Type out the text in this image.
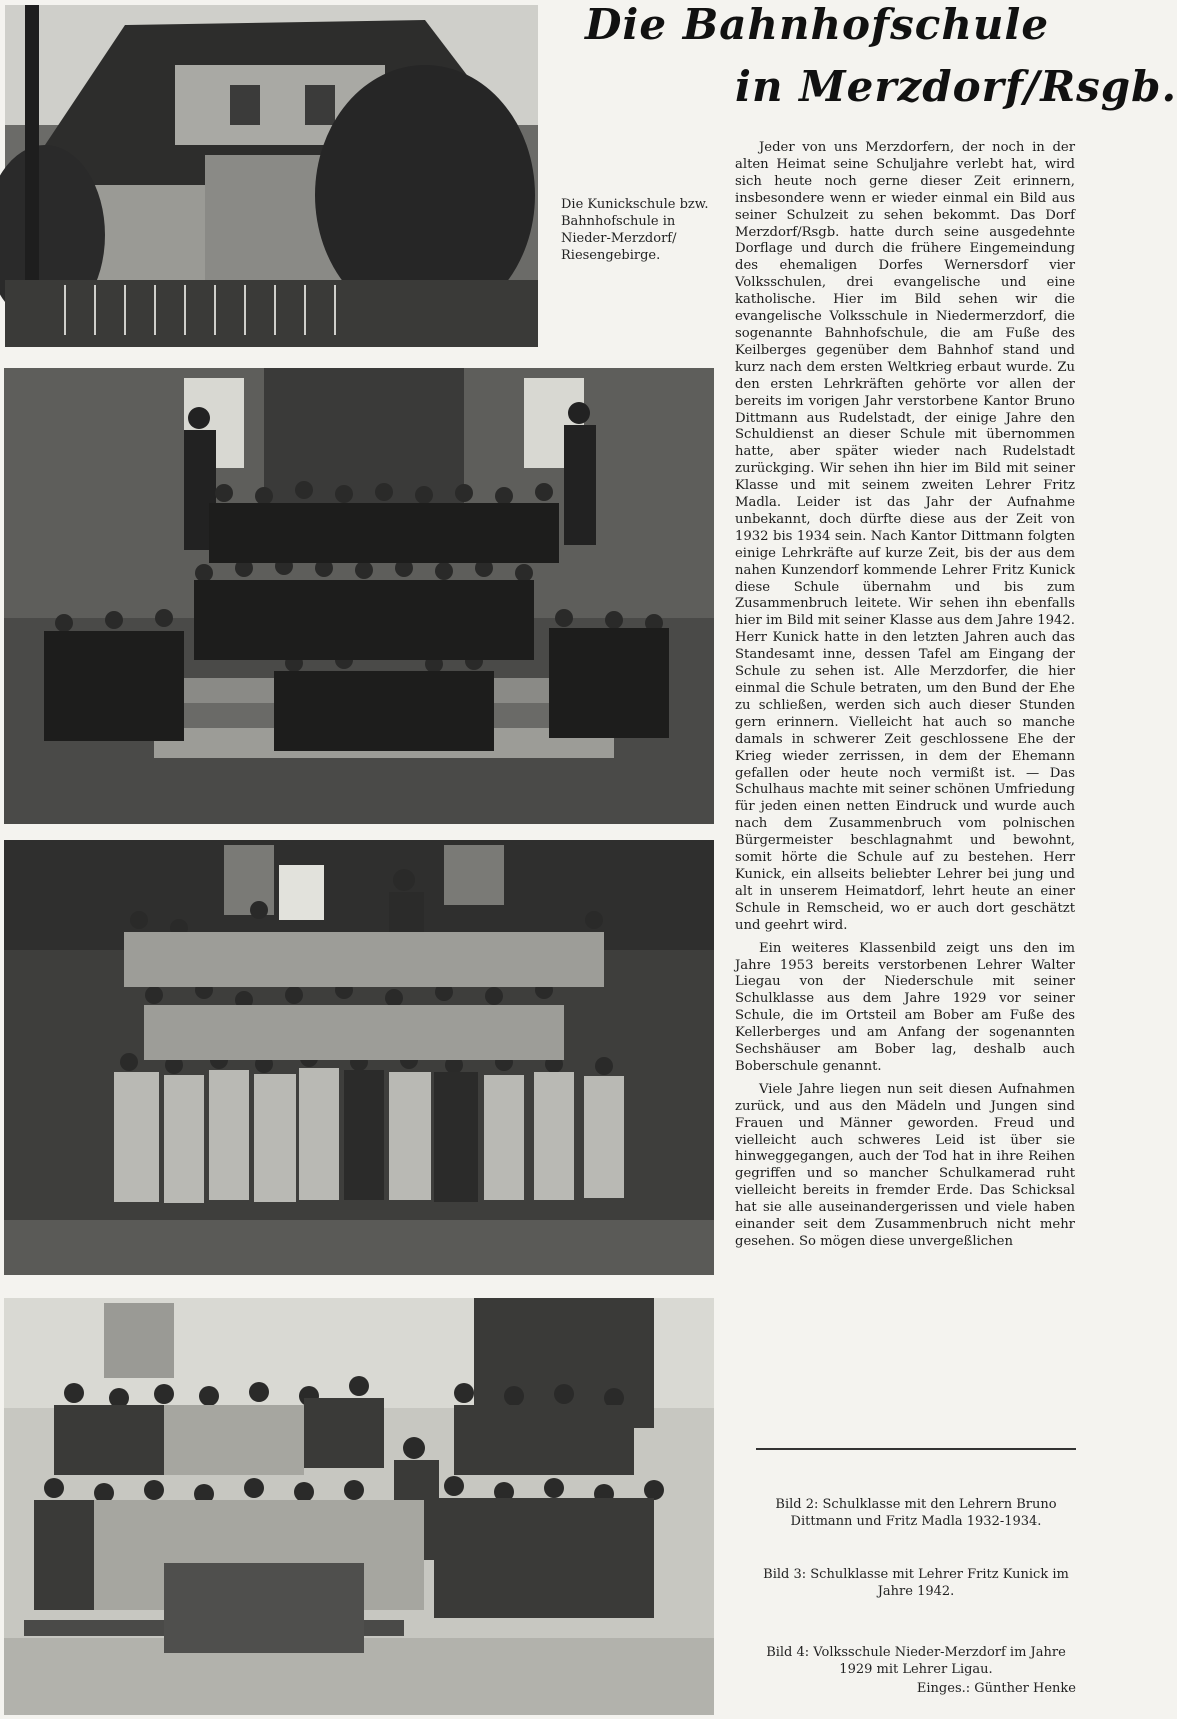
Die Bahnhofschule
in Merzdorf/Rsgb.
Die Kunickschule bzw. Bahnhofschule in Nieder-Merzdorf/ Riesengebirge.

Jeder von uns Merzdorfern, der noch in der alten Heimat seine Schuljahre verlebt hat, wird sich heute noch gerne dieser Zeit erinnern, insbesondere wenn er wieder einmal ein Bild aus seiner Schulzeit zu sehen bekommt. Das Dorf Merzdorf/Rsgb. hatte durch seine ausgedehnte Dorflage und durch die frühere Eingemeindung des ehemaligen Dorfes Wernersdorf vier Volksschulen, drei evangelische und eine katholische. Hier im Bild sehen wir die evangelische Volksschule in Niedermerzdorf, die sogenannte Bahnhofschule, die am Fuße des Keilberges gegenüber dem Bahnhof stand und kurz nach dem ersten Weltkrieg erbaut wurde. Zu den ersten Lehrkräften gehörte vor allen der bereits im vorigen Jahr verstorbene Kantor Bruno Dittmann aus Rudelstadt, der einige Jahre den Schuldienst an dieser Schule mit übernommen hatte, aber später wieder nach Rudelstadt zurückging. Wir sehen ihn hier im Bild mit seiner Klasse und mit seinem zweiten Lehrer Fritz Madla. Leider ist das Jahr der Aufnahme unbekannt, doch dürfte diese aus der Zeit von 1932 bis 1934 sein. Nach Kantor Dittmann folgten einige Lehrkräfte auf kurze Zeit, bis der aus dem nahen Kunzendorf kommende Lehrer Fritz Kunick diese Schule übernahm und bis zum Zusammenbruch leitete. Wir sehen ihn ebenfalls hier im Bild mit seiner Klasse aus dem Jahre 1942. Herr Kunick hatte in den letzten Jahren auch das Standesamt inne, dessen Tafel am Eingang der Schule zu sehen ist. Alle Merzdorfer, die hier einmal die Schule betraten, um den Bund der Ehe zu schließen, werden sich auch dieser Stunden gern erinnern. Vielleicht hat auch so manche damals in schwerer Zeit geschlossene Ehe der Krieg wieder zerrissen, in dem der Ehemann gefallen oder heute noch vermißt ist. — Das Schulhaus machte mit seiner schönen Umfriedung für jeden einen netten Eindruck und wurde auch nach dem Zusammenbruch vom polnischen Bürgermeister beschlagnahmt und bewohnt, somit hörte die Schule auf zu bestehen. Herr Kunick, ein allseits beliebter Lehrer bei jung und alt in unserem Heimatdorf, lehrt heute an einer Schule in Remscheid, wo er auch dort geschätzt und geehrt wird.

Ein weiteres Klassenbild zeigt uns den im Jahre 1953 bereits verstorbenen Lehrer Walter Liegau von der Niederschule mit seiner Schulklasse aus dem Jahre 1929 vor seiner Schule, die im Ortsteil am Bober am Fuße des Kellerberges und am Anfang der sogenannten Sechshäuser am Bober lag, deshalb auch Boberschule genannt.

Viele Jahre liegen nun seit diesen Aufnahmen zurück, und aus den Mädeln und Jungen sind Frauen und Männer geworden. Freud und vielleicht auch schweres Leid ist über sie hinweggegangen, auch der Tod hat in ihre Reihen gegriffen und so mancher Schulkamerad ruht vielleicht bereits in fremder Erde. Das Schicksal hat sie alle auseinandergerissen und viele haben einander seit dem Zusammenbruch nicht mehr gesehen. So mögen diese unvergeßlichen

Bild 2: Schulklasse mit den Lehrern Bruno Dittmann und Fritz Madla 1932-1934.
Bild 3: Schulklasse mit Lehrer Fritz Kunick im Jahre 1942.
Bild 4: Volksschule Nieder-Merzdorf im Jahre 1929 mit Lehrer Ligau.
Einges.: Günther Henke
